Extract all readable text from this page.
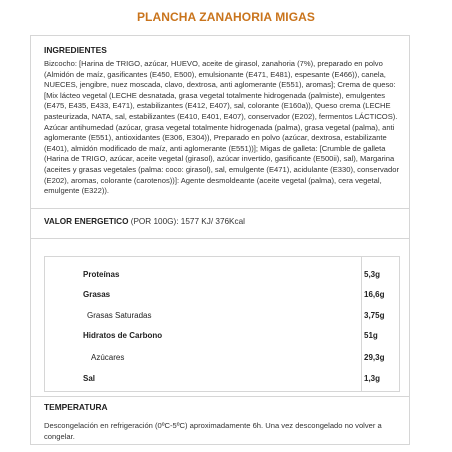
PLANCHA ZANAHORIA MIGAS
INGREDIENTES
Bizcocho: [Harina de TRIGO, azúcar, HUEVO, aceite de girasol, zanahoria (7%), preparado en polvo (Almidón de maíz, gasificantes (E450, E500), emulsionante (E471, E481), espesante (E466)), canela, NUECES, jengibre, nuez moscada, clavo, dextrosa, anti aglomerante (E551), aromas]; Crema de queso: [Mix lácteo vegetal (LECHE desnatada, grasa vegetal totalmente hidrogenada (palmiste), emulgentes (E475, E435, E433, E471), estabilizantes (E412, E407), sal, colorante (E160a)), Queso crema (LECHE pasteurizada, NATA, sal, estabilizantes (E410, E401, E407), conservador (E202), fermentos LÁCTICOS). Azúcar antihumedad (azúcar, grasa vegetal totalmente hidrogenada (palma), grasa vegetal (palma), anti aglomerante (E551), antioxidantes (E306, E304)), Preparado en polvo (azúcar, dextrosa, estabilizante (E401), almidón modificado de maíz, anti aglomerante (E551))]; Migas de galleta: [Crumble de galleta (Harina de TRIGO, azúcar, aceite vegetal (girasol), azúcar invertido, gasificante (E500ii), sal), Margarina (aceites y grasas vegetales (palma: coco: girasol), sal, emulgente (E471), acidulante (E330), conservador (E202), aromas, colorante (carotenos))]: Agente desmoldeante (aceite vegetal (palma), cera vegetal, emulgente (E322)).
VALOR ENERGETICO (POR 100G): 1577 KJ/ 376Kcal
Proteínas	5,3g
Grasas	16,6g
Grasas Saturadas	3,75g
Hidratos de Carbono	51g
Azúcares	29,3g
Sal	1,3g
TEMPERATURA
Descongelación en refrigeración (0ºC-5ºC) aproximadamente 6h. Una vez descongelado no volver a congelar.
